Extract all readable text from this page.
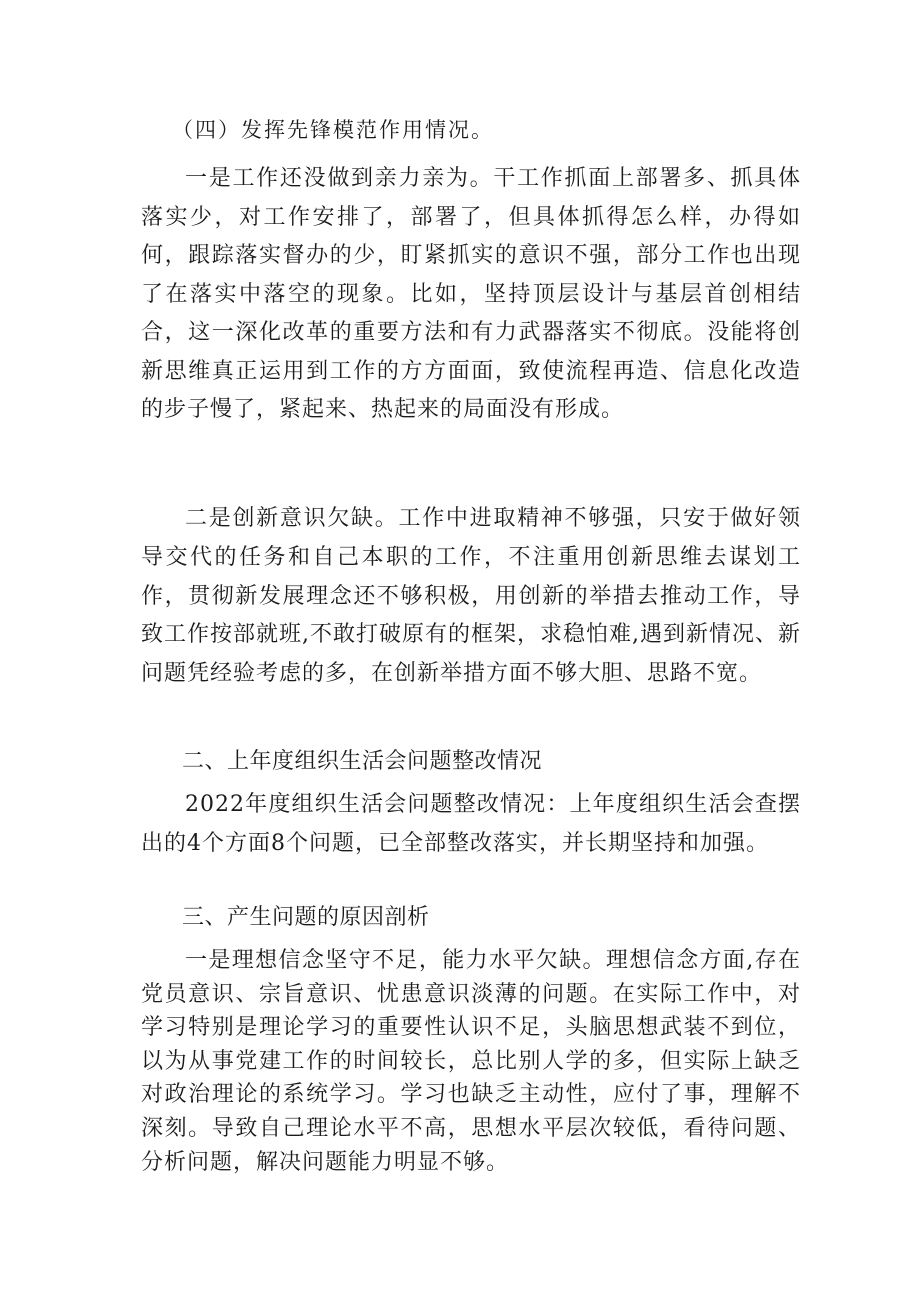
（四）发挥先锋模范作用情况。

一是工作还没做到亲力亲为。干工作抓面上部署多、抓具体落实少，对工作安排了，部署了，但具体抓得怎么样，办得如何，跟踪落实督办的少，盯紧抓实的意识不强，部分工作也出现了在落实中落空的现象。比如，坚持顶层设计与基层首创相结合，这一深化改革的重要方法和有力武器落实不彻底。没能将创新思维真正运用到工作的方方面面，致使流程再造、信息化改造的步子慢了，紧起来、热起来的局面没有形成。

二是创新意识欠缺。工作中进取精神不够强，只安于做好领导交代的任务和自己本职的工作，不注重用创新思维去谋划工作，贯彻新发展理念还不够积极，用创新的举措去推动工作，导致工作按部就班,不敢打破原有的框架，求稳怕难,遇到新情况、新问题凭经验考虑的多，在创新举措方面不够大胆、思路不宽。

二、上年度组织生活会问题整改情况

2022年度组织生活会问题整改情况：上年度组织生活会查摆出的4个方面8个问题，已全部整改落实，并长期坚持和加强。

三、产生问题的原因剖析

一是理想信念坚守不足，能力水平欠缺。理想信念方面,存在党员意识、宗旨意识、忧患意识淡薄的问题。在实际工作中，对学习特别是理论学习的重要性认识不足，头脑思想武装不到位，以为从事党建工作的时间较长，总比别人学的多，但实际上缺乏对政治理论的系统学习。学习也缺乏主动性，应付了事，理解不深刻。导致自己理论水平不高，思想水平层次较低，看待问题、分析问题，解决问题能力明显不够。
